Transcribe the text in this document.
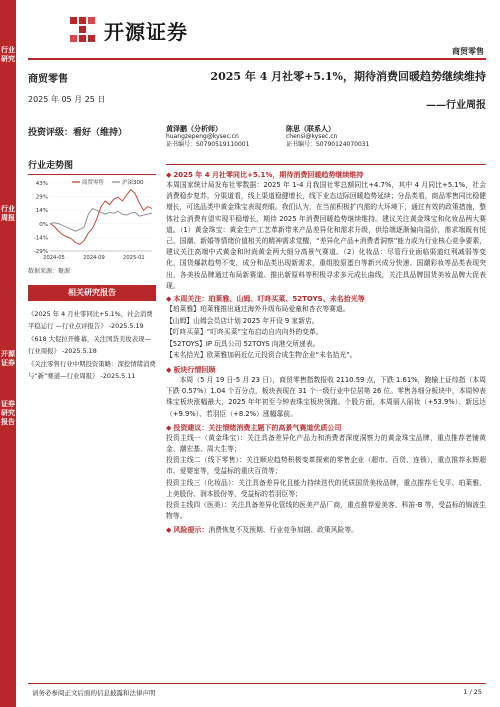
行业研究
行业周报
开源证券
证券研究报告
开源证券
商贸零售
商贸零售
2025 年 05 月 25 日
投资评级：看好（维持）
行业走势图
43%
29%
14%
0%
-14%
-29%
2024-05	2024-09	2025-01
商贸零售	沪深300
数据来源：聚源
相关研究报告
《2025 年 4 月社零同比+5.1%，社会消费平稳运行 —行业点评报告》 -2025.5.19
《618 大促拉开帷幕，关注国货美妆表现—行业周报》 -2025.5.18
《关注零售行业中期投资策略：深挖情绪消费与“新”赛道—行业周报》 -2025.5.11
2025 年 4 月社零+5.1%，期待消费回暖趋势继续维持
——行业周报
黄泽鹏（分析师）
huangzepeng@kysec.cn
证书编号：S0790519110001
陈思（联系人）
chensi@kysec.cn
证书编号：S0790124070031
◆ 2025 年 4 月社零同比+5.1%，期待消费回暖趋势继续维持
本周国家统计局发布社零数据：2025 年 1-4 月我国社零总额同比+4.7%，其中 4 月同比+5.1%，社会消费稳步复苏，分渠道看，线上渠道稳健增长，线下业态边际回暖趋势延续；分品类看，商品零售同比稳健增长，可选品类中黄金珠宝表现亮眼。我们认为，在当前积极扩内需的大环境下，通过有效的政策措施，整体社会消费有望实现平稳增长，期待 2025 年消费回暖趋势继续维持。建议关注黄金珠宝和化妆品两大赛道。（1）黄金珠宝：黄金生产工艺革新带来产品差异化和需求升级，供给端逐渐偏向溢价，需求端既有悦己、国潮、新婚等情绪价值相关的精神需求觉醒，“差异化产品+消费者洞察”能力或为行业核心竞争要素，建议关注高端中式黄金和时尚黄金两大细分高景气赛道。（2）化妆品：尽管行业面临渠道红利减弱等变化，国货爆款趋势不变，成分和品类出现新需求，重组胶原蛋白等新兴成分快速、国潮彩妆等品类表现突出，各美妆品牌通过布局新赛道、推出新原料等积极寻求多元成长曲线，关注具品牌国货美妆品牌大促表现。
◆ 本周关注：珀莱雅、山姆、叮咚买菜、52TOYS、未名拾光等
【珀莱雅】珀莱雅推出通过海外升级布局爱童和杏衣等赛道。
【山姆】山姆会员店计划 2025 年开设 9 家新店。
【叮咚买菜】“叮咚买菜”宝布启动自内向外的变革。
【52TOYS】IP 玩具公司 52TOYS 向港交所递表。
【未名拾光】欧莱雅加码近亿元投资合成生物企业“未名拾光”。
◆ 板块行情回顾
本周（5 月 19 日-5 月 23 日），商贸零售指数报收 2110.59 点，下跌 1.61%，跑输上证综指（本周下跌 0.57%）1.04 个百分点，板块表现在 31 个一级行业中位居第 26 位。零售各细分板块中，本周钟表珠宝板块涨幅最大，2025 年年初至今钟表珠宝板块领跑。个股方面，本周丽人丽妆（+53.9%）、新远达（+9.9%）、若羽臣（+8.2%）涨幅靠前。
◆ 投资建议：关注情绪消费主题下的高景气赛道优质公司
投资主线一（黄金珠宝）：关注具备差异化产品力和消费者深度洞察力的黄金珠宝品牌，重点推荐老铺黄金、潮宏基、周大生等；
投资主线二（线下零售）：关注顺应趋势积极变革探索的零售企业（超市、百货、连锁），重点推荐永辉超市、爱婴室等，受益标的重庆百货等；
投资主线三（化妆品）：关注具备差异化且能力持续迭代的优质国货美妆品牌，重点推荐毛戈平、珀莱雅、上美股份、润本股份等，受益标的若羽臣等；
投资主线四（医美）：关注具备差异化管线的医美产品厂商，重点推荐爱美客、科笛-B 等，受益标的锦波生物等。
◆ 风险提示：消费恢复不及预期、行业竞争加剧、政策风险等。
请务必参阅正文后面的信息披露和法律声明	1 / 25
